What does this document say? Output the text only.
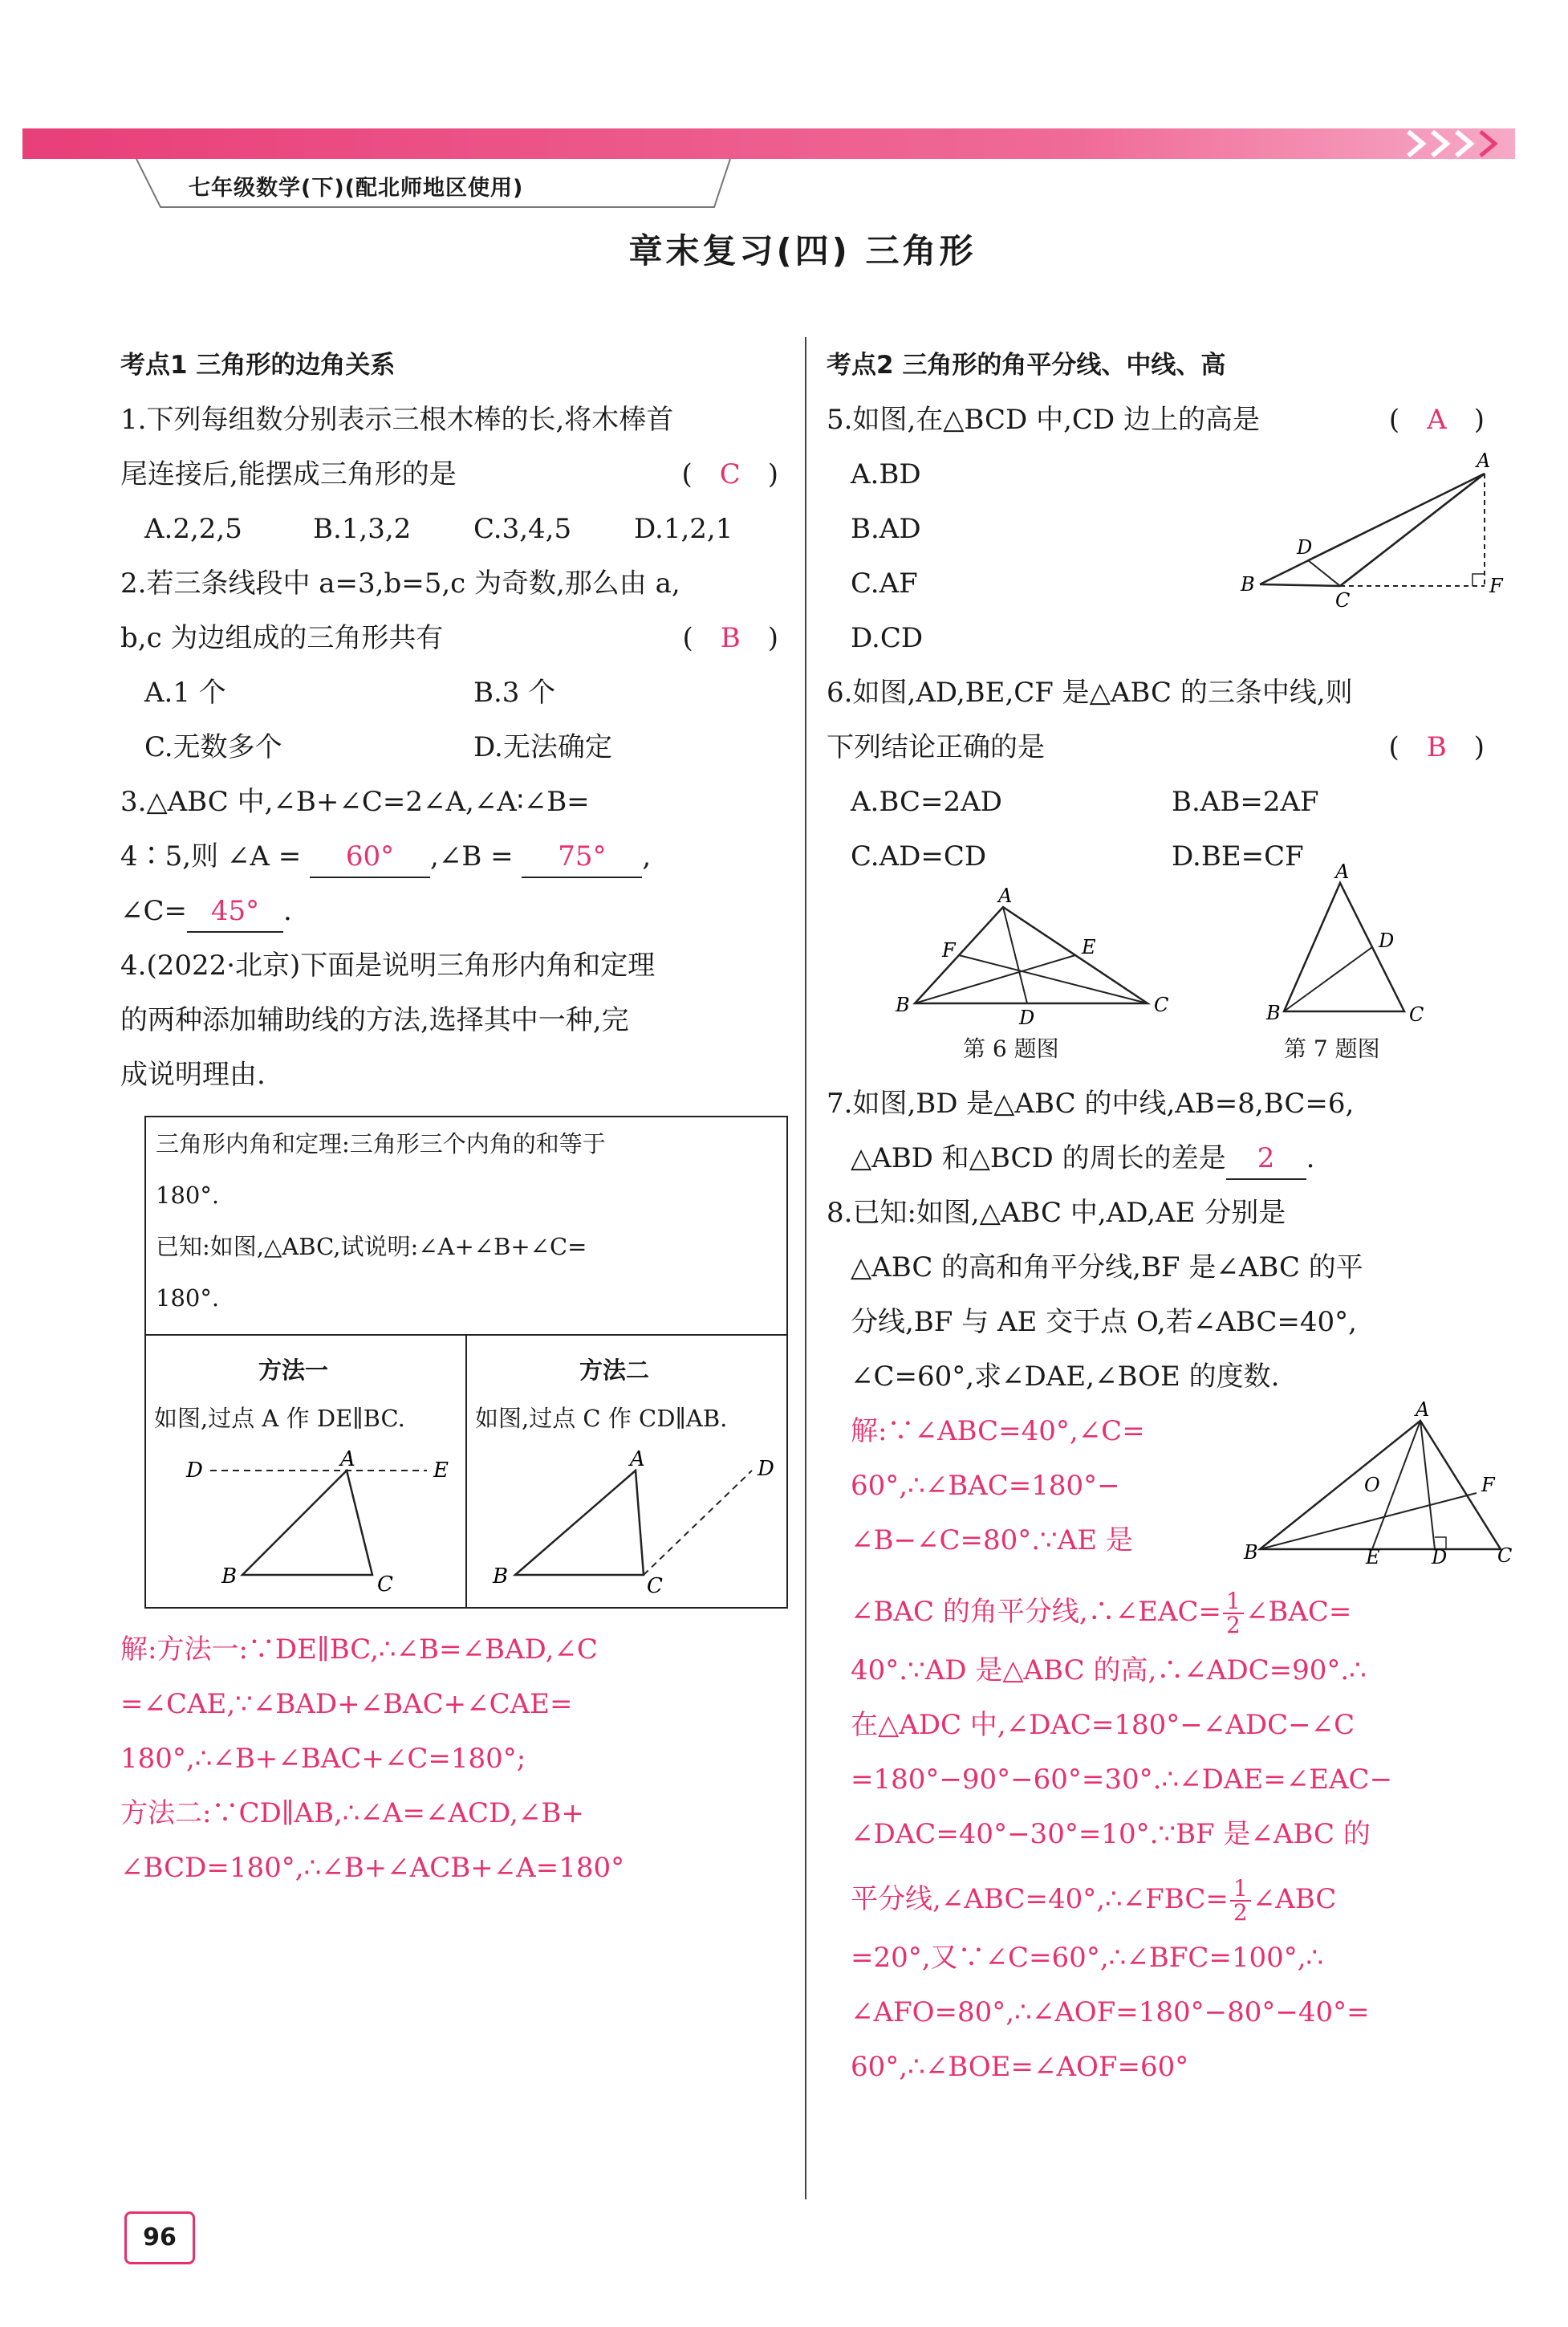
七年级数学(下)(配北师地区使用)
章末复习(四) 三角形
考点1 三角形的边角关系
1.下列每组数分别表示三根木棒的长,将木棒首
尾连接后,能摆成三角形的是	(　C　)
A.2,2,5	B.1,3,2 C.3,4,5 D.1,2,1
2.若三条线段中 a=3,b=5,c 为奇数,那么由 a,
b,c 为边组成的三角形共有	(　B　)
A.1 个	B.3 个
C.无数多个	D.无法确定
3.△ABC 中,∠B+∠C=2∠A,∠A∶∠B=
4∶5,则 ∠A = 60° ,∠B = 75° ,
∠C= 45° .
4.(2022·北京)下面是说明三角形内角和定理
的两种添加辅助线的方法,选择其中一种,完
成说明理由.
三角形内角和定理:三角形三个内角的和等于
180°.
已知:如图,△ABC,试说明:∠A+∠B+∠C=
180°.
方法一
如图,过点 A 作 DE∥BC.
方法二
如图,过点 C 作 CD∥AB.
D	E
A
B	C
A
B	C
D
解:方法一:∵DE∥BC,∴∠B=∠BAD,∠C
=∠CAE,∵∠BAD+∠BAC+∠CAE=
180°,∴∠B+∠BAC+∠C=180°;
方法二:∵CD∥AB,∴∠A=∠ACD,∠B+
∠BCD=180°,∴∠B+∠ACB+∠A=180°
考点2 三角形的角平分线、中线、高
5.如图,在△BCD 中,CD 边上的高是	(　A　)
A.BD
B.AD
C.AF
D.CD
A
B
C
D
F
6.如图,AD,BE,CF 是△ABC 的三条中线,则
下列结论正确的是	(　B　)
A.BC=2AD	B.AB=2AF
C.AD=CD	D.BE=CF
A
B	C
D
E
F
第 6 题图
A
B	C
D
第 7 题图
7.如图,BD 是△ABC 的中线,AB=8,BC=6,
△ABD 和△BCD 的周长的差是 2 .
8.已知:如图,△ABC 中,AD,AE 分别是
△ABC 的高和角平分线,BF 是∠ABC 的平
分线,BF 与 AE 交于点 O,若∠ABC=40°,
∠C=60°,求∠DAE,∠BOE 的度数.
解:∵∠ABC=40°,∠C=
60°,∴∠BAC=180°−
∠B−∠C=80°.∵AE 是
A
B	C
D
E
F
O
∠BAC 的角平分线,∴∠EAC= $\frac{1}{2}$ ∠BAC=
40°.∵AD 是△ABC 的高,∴∠ADC=90°.∴
在△ADC 中,∠DAC=180°−∠ADC−∠C
=180°−90°−60°=30°.∴∠DAE=∠EAC−
∠DAC=40°−30°=10°.∵BF 是∠ABC 的
平分线,∠ABC=40°,∴∠FBC= $\frac{1}{2}$ ∠ABC
=20°,又∵∠C=60°,∴∠BFC=100°,∴
∠AFO=80°,∴∠AOF=180°−80°−40°=
60°,∴∠BOE=∠AOF=60°
96
